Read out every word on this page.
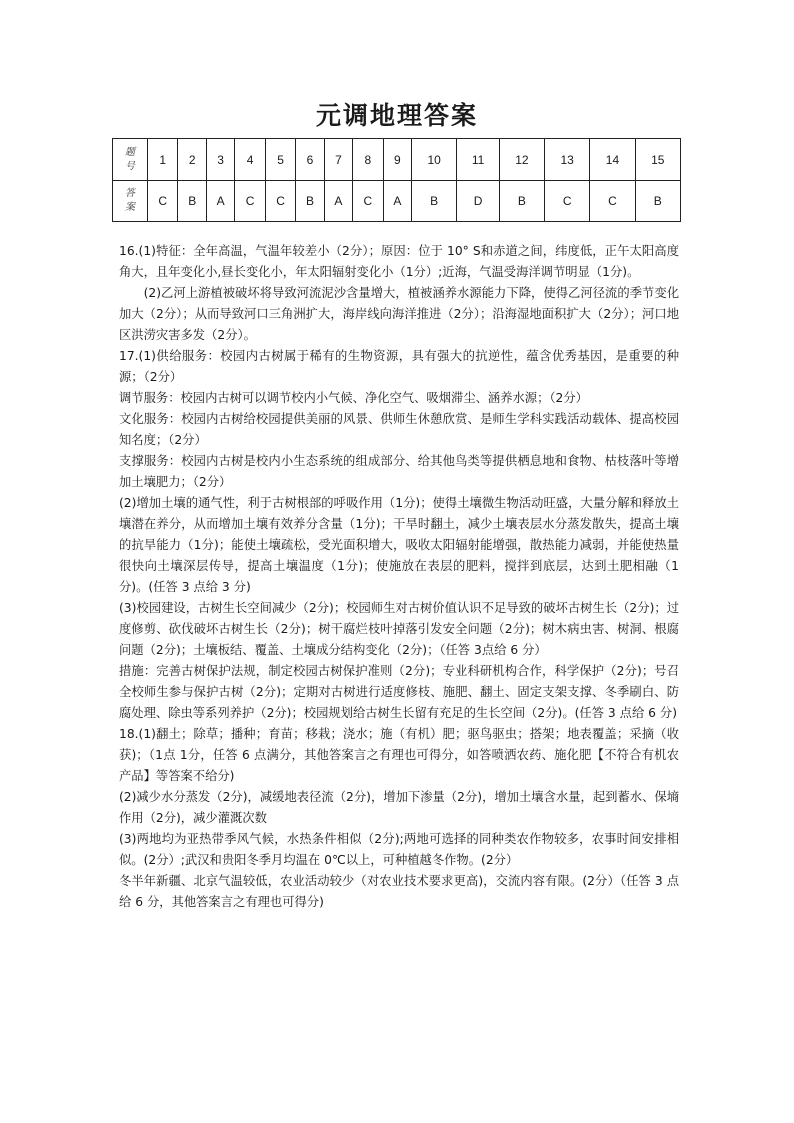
元调地理答案
题
号	1	2	3	4	5	6	7	8	9	10	11	12	13	14	15

答
案	C	B	A	C	C	B	A	C	A	B	D	B	C	C	B

16.(1)特征：全年高温，气温年较差小（2分）；原因：位于 10° S和赤道之间，纬度低，正午太阳高度角大，且年变化小,昼长变化小，年太阳辐射变化小（1分）;近海，气温受海洋调节明显（1分)。

(2)乙河上游植被破坏将导致河流泥沙含量增大，植被涵养水源能力下降，使得乙河径流的季节变化加大（2分）；从而导致河口三角洲扩大，海岸线向海洋推进（2分）；沿海湿地面积扩大（2分）；河口地区洪涝灾害多发（2分）。

17.(1)供给服务：校园内古树属于稀有的生物资源，具有强大的抗逆性，蕴含优秀基因，是重要的种源；（2分）

调节服务：校园内古树可以调节校内小气候、净化空气、吸烟滞尘、涵养水源；（2分）

文化服务：校园内古树给校园提供美丽的风景、供师生休憩欣赏、是师生学科实践活动载体、提高校园知名度；（2分）

支撑服务：校园内古树是校内小生态系统的组成部分、给其他鸟类等提供栖息地和食物、枯枝落叶等增加土壤肥力；（2分）

(2)增加土壤的通气性，利于古树根部的呼吸作用（1分)；使得土壤微生物活动旺盛，大量分解和释放土壤潜在养分，从而增加土壤有效养分含量（1分)；干旱时翻土，减少土壤表层水分蒸发散失，提高土壤的抗旱能力（1分)；能使土壤疏松，受光面积增大，吸收太阳辐射能增强，散热能力减弱，并能使热量很快向土壤深层传导，提高土壤温度（1分)；使施放在表层的肥料，搅拌到底层，达到土肥相融（1分)。(任答 3 点给 3 分)

(3)校园建设，古树生长空间减少（2分)；校园师生对古树价值认识不足导致的破坏古树生长（2分)；过度修剪、砍伐破坏古树生长（2分)；树干腐烂枝叶掉落引发安全问题（2分)；树木病虫害、树洞、根腐问题（2分)；土壤板结、覆盖、土壤成分结构变化（2分)；（任答 3点给 6 分）

措施：完善古树保护法规，制定校园古树保护准则（2分)；专业科研机构合作，科学保护（2分)；号召全校师生参与保护古树（2分)；定期对古树进行适度修枝、施肥、翻土、固定支架支撑、冬季刷白、防腐处理、除虫等系列养护（2分)；校园规划给古树生长留有充足的生长空间（2分)。(任答 3 点给 6 分)

18.(1)翻土；除草；播种；育苗；移栽；浇水；施（有机）肥；驱鸟驱虫；搭架；地表覆盖；采摘（收获)；（1点 1分，任答 6 点满分，其他答案言之有理也可得分，如答喷洒农药、施化肥【不符合有机农产品】等答案不给分)

(2)减少水分蒸发（2分)，减缓地表径流（2分)，增加下渗量（2分)，增加土壤含水量，起到蓄水、保墒作用（2分)，减少灌溉次数

(3)两地均为亚热带季风气候，水热条件相似（2分);两地可选择的同种类农作物较多，农事时间安排相似。(2分）;武汉和贵阳冬季月均温在 0℃以上，可种植越冬作物。(2分）

冬半年新疆、北京气温较低，农业活动较少（对农业技术要求更高)，交流内容有限。(2分）（任答 3 点给 6 分，其他答案言之有理也可得分)
